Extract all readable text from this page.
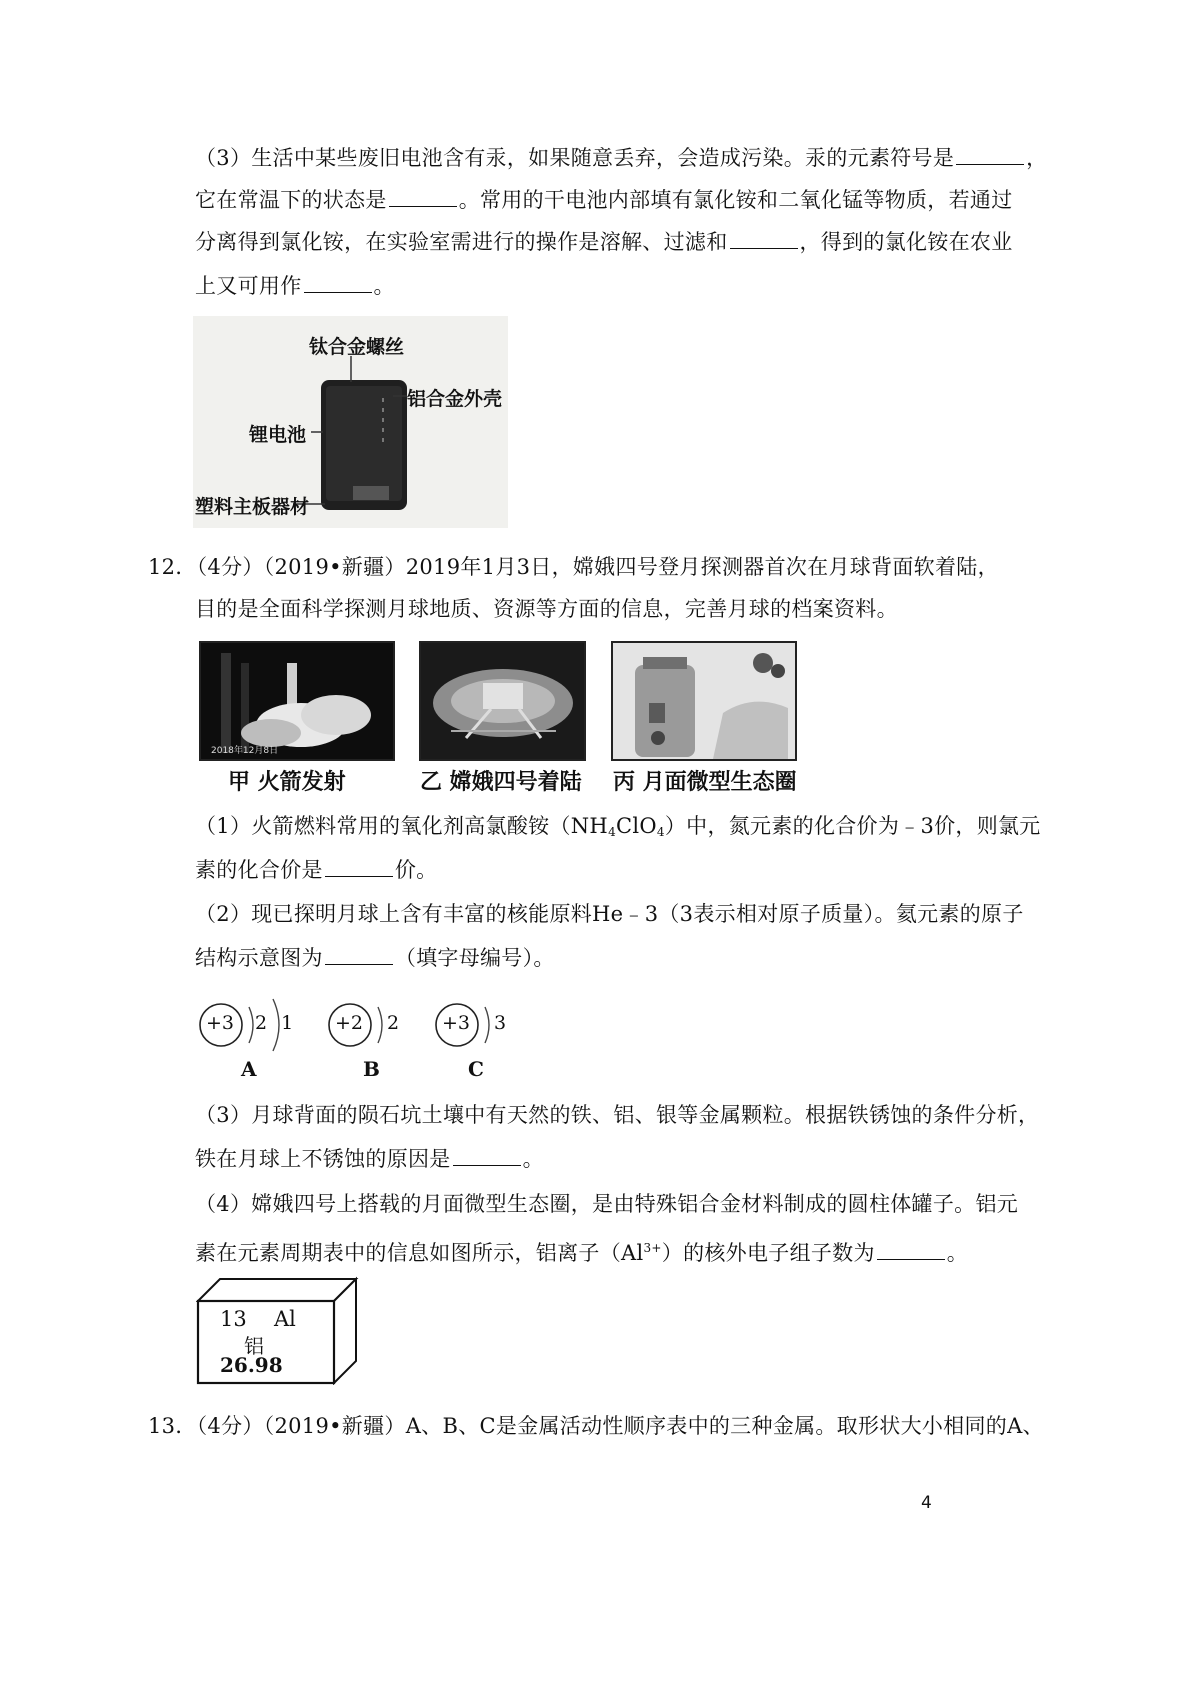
（3）生活中某些废旧电池含有汞，如果随意丢弃，会造成污染。汞的元素符号是	，
它在常温下的状态是	。常用的干电池内部填有氯化铵和二氧化锰等物质，若通过
分离得到氯化铵，在实验室需进行的操作是溶解、过滤和	，得到的氯化铵在农业
上又可用作	。
钛合金螺丝
铝合金外壳
锂电池
塑料主板器材
12．（4分）（2019•新疆）2019年1月3日，嫦娥四号登月探测器首次在月球背面软着陆，
目的是全面科学探测月球地质、资源等方面的信息，完善月球的档案资料。
2018年12月8日
甲 火箭发射	乙 嫦娥四号着陆 丙 月面微型生态圈
（1）火箭燃料常用的氧化剂高氯酸铵$(NH_4ClO_4)$中，氮元素的化合价为﹣3价，则氯元
素的化合价是	价。
（2）现已探明月球上含有丰富的核能原料He﹣3（3表示相对原子质量）。氦元素的原子
结构示意图为	（填字母编号）。
+3 2 1 +2 2 +3 3
A	B	C
（3）月球背面的陨石坑土壤中有天然的铁、铝、银等金属颗粒。根据铁锈蚀的条件分析，
铁在月球上不锈蚀的原因是	。
（4）嫦娥四号上搭载的月面微型生态圈，是由特殊铝合金材料制成的圆柱体罐子。铝元
素在元素周期表中的信息如图所示，铝离子$(Al^{3+})$的核外电子组子数为	。
13 Al
铝
26.98
13．（4分）（2019•新疆）A、B、C是金属活动性顺序表中的三种金属。取形状大小相同的A、
4
